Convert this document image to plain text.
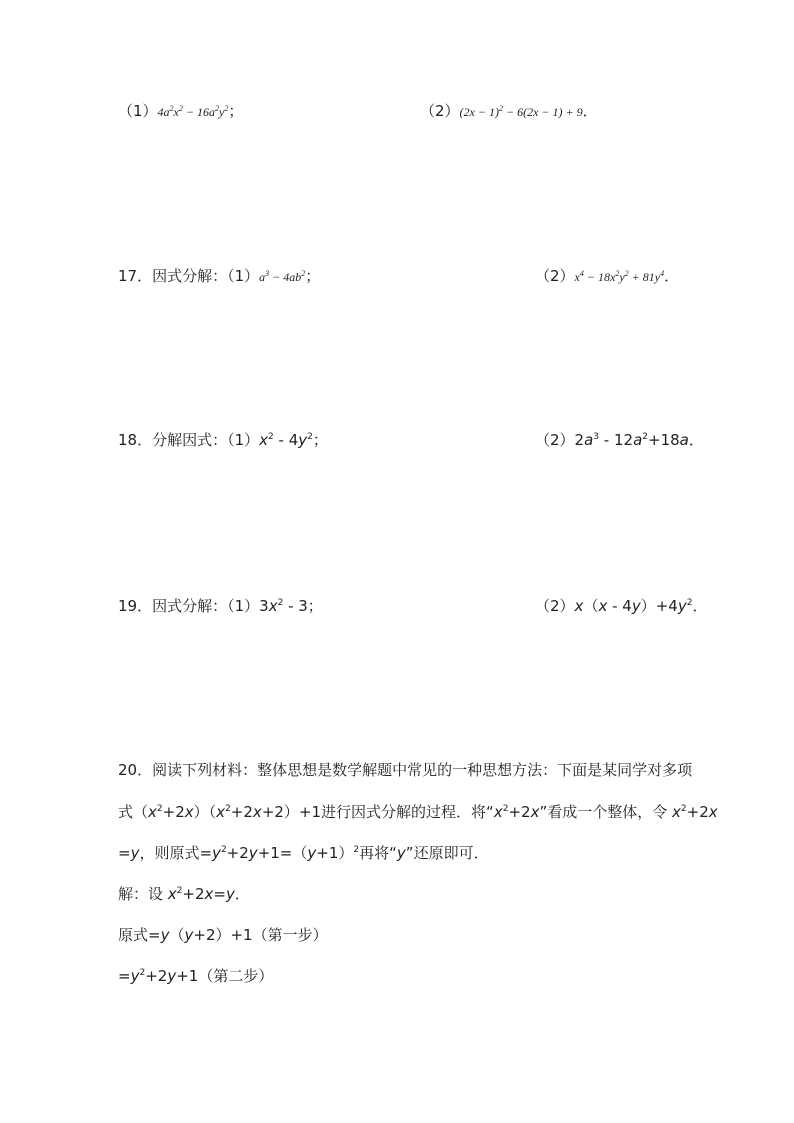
$(1)4a^2x^2 - 16a^2y^2$；	$(2)(2x - 1)^2 - 6(2x - 1) + 9$．
17．因式分解：$(1)a^3 - 4ab^2$；	$(2)x^4 - 18x^2y^2 + 81y^4$．
18．分解因式：$(1)x^2 - 4y^2$；	$(2)2a^3 - 12a^2+18a$．
19．因式分解：$(1)3x^2 - 3$；	$(2)x(x - 4y)+4y^2$．
20．阅读下列材料：整体思想是数学解题中常见的一种思想方法：下面是某同学对多项
式$(x^2+2x)(x^2+2x+2)+1$进行因式分解的过程．将“$x^2+2x$”看成一个整体，令 $x^2+2x$
=y，则原式$=y^2+2y+1=(y+1)^2$再将“y”还原即可．
解：设 $x^2+2x=y$．
原式=y（y+2）+1（第一步）
$=y^2+2y+1$（第二步）
